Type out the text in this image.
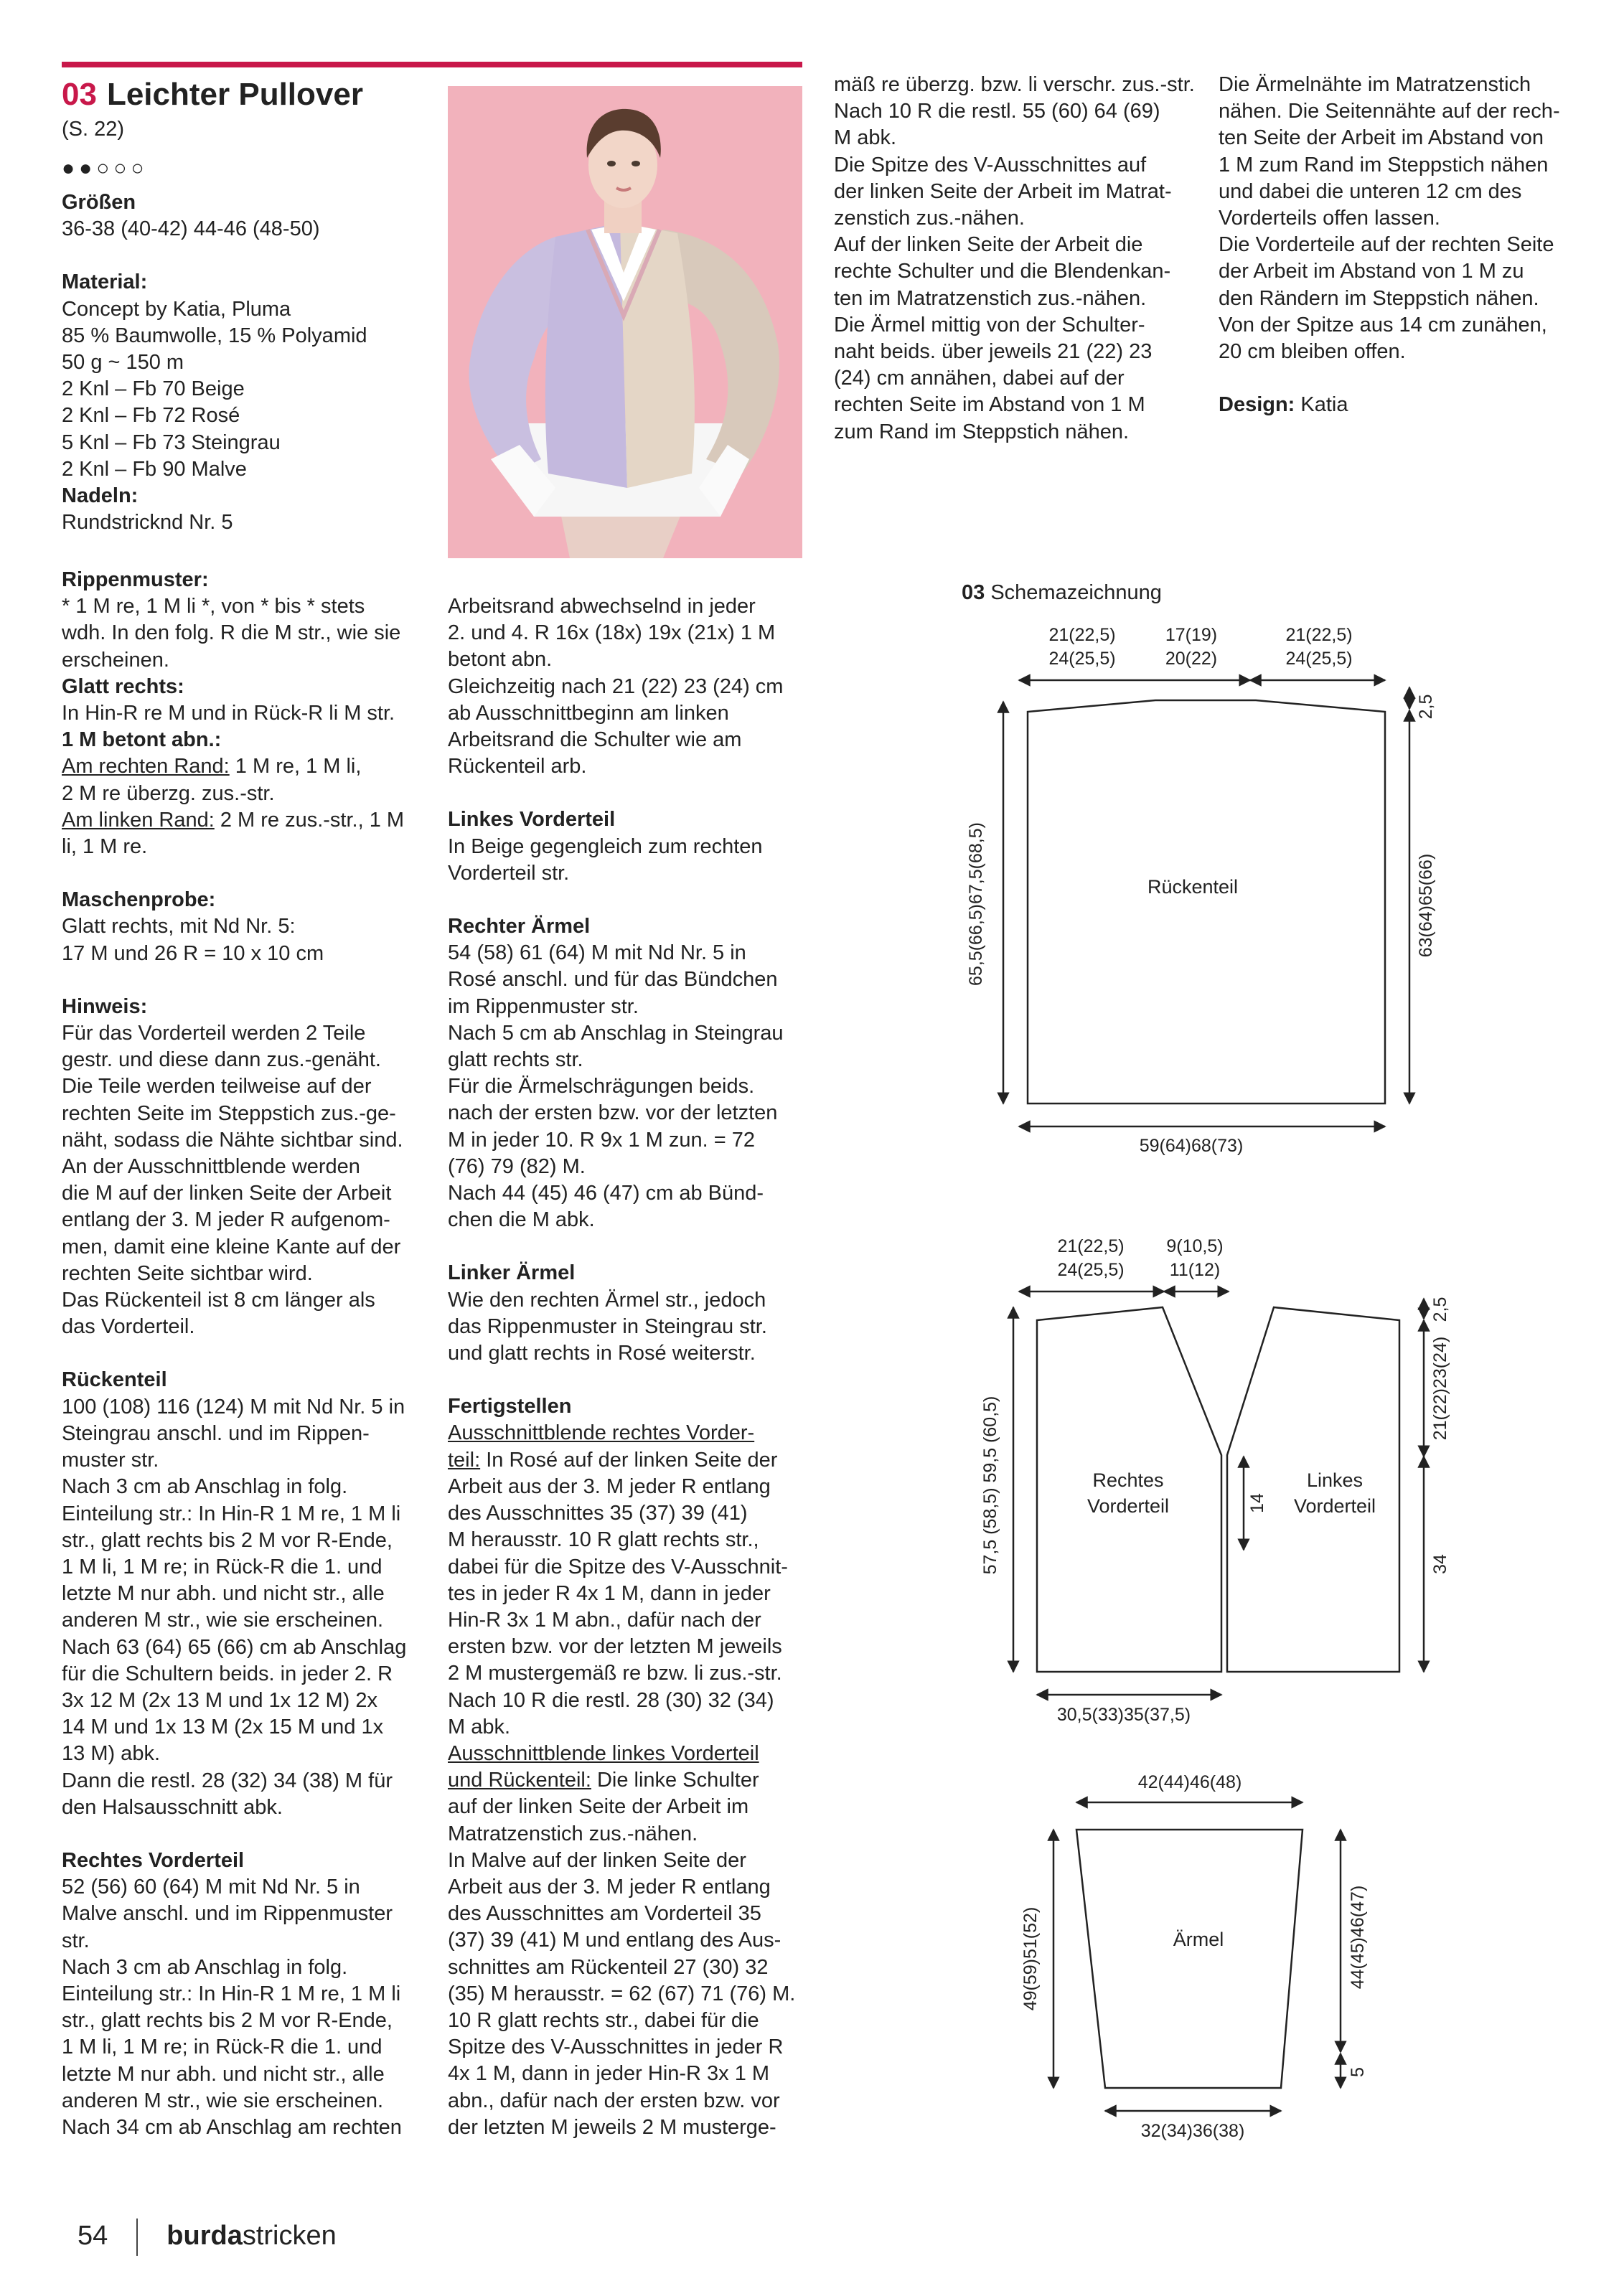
03 Leichter Pullover

(S. 22)

●●○○○

Größen

36-38 (40-42) 44-46 (48-50)

Material:

Concept by Katia, Pluma

85 % Baumwolle, 15 % Polyamid

50 g ~ 150 m

2 Knl – Fb 70 Beige

2 Knl – Fb 72 Rosé

5 Knl – Fb 73 Steingrau

2 Knl – Fb 90 Malve

Nadeln:

Rundstricknd Nr. 5

Rippenmuster:

* 1 M re, 1 M li *, von * bis * stets

wdh. In den folg. R die M str., wie sie

erscheinen.

Glatt rechts:

In Hin-R re M und in Rück-R li M str.

1 M betont abn.:

Am rechten Rand: 1 M re, 1 M li,

2 M re überzg. zus.-str.

Am linken Rand: 2 M re zus.-str., 1 M

li, 1 M re.

Maschenprobe:

Glatt rechts, mit Nd Nr. 5:

17 M und 26 R = 10 x 10 cm

Hinweis:

Für das Vorderteil werden 2 Teile

gestr. und diese dann zus.-genäht.

Die Teile werden teilweise auf der

rechten Seite im Steppstich zus.-ge-

näht, sodass die Nähte sichtbar sind.

An der Ausschnittblende werden

die M auf der linken Seite der Arbeit

entlang der 3. M jeder R aufgenom-

men, damit eine kleine Kante auf der

rechten Seite sichtbar wird.

Das Rückenteil ist 8 cm länger als

das Vorderteil.

Rückenteil

100 (108) 116 (124) M mit Nd Nr. 5 in

Steingrau anschl. und im Rippen-

muster str.

Nach 3 cm ab Anschlag in folg.

Einteilung str.: In Hin-R 1 M re, 1 M li

str., glatt rechts bis 2 M vor R-Ende,

1 M li, 1 M re; in Rück-R die 1. und

letzte M nur abh. und nicht str., alle

anderen M str., wie sie erscheinen.

Nach 63 (64) 65 (66) cm ab Anschlag

für die Schultern beids. in jeder 2. R

3x 12 M (2x 13 M und 1x 12 M) 2x

14 M und 1x 13 M (2x 15 M und 1x

13 M) abk.

Dann die restl. 28 (32) 34 (38) M für

den Halsausschnitt abk.

Rechtes Vorderteil

52 (56) 60 (64) M mit Nd Nr. 5 in

Malve anschl. und im Rippenmuster

str.

Nach 3 cm ab Anschlag in folg.

Einteilung str.: In Hin-R 1 M re, 1 M li

str., glatt rechts bis 2 M vor R-Ende,

1 M li, 1 M re; in Rück-R die 1. und

letzte M nur abh. und nicht str., alle

anderen M str., wie sie erscheinen.

Nach 34 cm ab Anschlag am rechten

Arbeitsrand abwechselnd in jeder

2. und 4. R 16x (18x) 19x (21x) 1 M

betont abn.

Gleichzeitig nach 21 (22) 23 (24) cm

ab Ausschnittbeginn am linken

Arbeitsrand die Schulter wie am

Rückenteil arb.

Linkes Vorderteil

In Beige gegengleich zum rechten

Vorderteil str.

Rechter Ärmel

54 (58) 61 (64) M mit Nd Nr. 5 in

Rosé anschl. und für das Bündchen

im Rippenmuster str.

Nach 5 cm ab Anschlag in Steingrau

glatt rechts str.

Für die Ärmelschrägungen beids.

nach der ersten bzw. vor der letzten

M in jeder 10. R 9x 1 M zun. = 72

(76) 79 (82) M.

Nach 44 (45) 46 (47) cm ab Bünd-

chen die M abk.

Linker Ärmel

Wie den rechten Ärmel str., jedoch

das Rippenmuster in Steingrau str.

und glatt rechts in Rosé weiterstr.

Fertigstellen

Ausschnittblende rechtes Vorder-

teil: In Rosé auf der linken Seite der

Arbeit aus der 3. M jeder R entlang

des Ausschnittes 35 (37) 39 (41)

M herausstr. 10 R glatt rechts str.,

dabei für die Spitze des V-Ausschnit-

tes in jeder R 4x 1 M, dann in jeder

Hin-R 3x 1 M abn., dafür nach der

ersten bzw. vor der letzten M jeweils

2 M mustergemäß re bzw. li zus.-str.

Nach 10 R die restl. 28 (30) 32 (34)

M abk.

Ausschnittblende linkes Vorderteil

und Rückenteil: Die linke Schulter

auf der linken Seite der Arbeit im

Matratzenstich zus.-nähen.

In Malve auf der linken Seite der

Arbeit aus der 3. M jeder R entlang

des Ausschnittes am Vorderteil 35

(37) 39 (41) M und entlang des Aus-

schnittes am Rückenteil 27 (30) 32

(35) M herausstr. = 62 (67) 71 (76) M.

10 R glatt rechts str., dabei für die

Spitze des V-Ausschnittes in jeder R

4x 1 M, dann in jeder Hin-R 3x 1 M

abn., dafür nach der ersten bzw. vor

der letzten M jeweils 2 M musterge-

mäß re überzg. bzw. li verschr. zus.-str.

Nach 10 R die restl. 55 (60) 64 (69)

M abk.

Die Spitze des V-Ausschnittes auf

der linken Seite der Arbeit im Matrat-

zenstich zus.-nähen.

Auf der linken Seite der Arbeit die

rechte Schulter und die Blendenkan-

ten im Matratzenstich zus.-nähen.

Die Ärmel mittig von der Schulter-

naht beids. über jeweils 21 (22) 23

(24) cm annähen, dabei auf der

rechten Seite im Abstand von 1 M

zum Rand im Steppstich nähen.

Die Ärmelnähte im Matratzenstich

nähen. Die Seitennähte auf der rech-

ten Seite der Arbeit im Abstand von

1 M zum Rand im Steppstich nähen

und dabei die unteren 12 cm des

Vorderteils offen lassen.

Die Vorderteile auf der rechten Seite

der Arbeit im Abstand von 1 M zu

den Rändern im Steppstich nähen.

Von der Spitze aus 14 cm zunähen,

20 cm bleiben offen.

Design: Katia

03 Schemazeichnung
Rückenteil
21(22,5)
24(25,5)
17(19)
20(22)
21(22,5)
24(25,5)
59(64)68(73)
65,5(66,5)67,5(68,5)	63(64)65(66)
2,5
Rechtes
Vorderteil
Linkes
Vorderteil
21(22,5)
24(25,5)
9(10,5)
11(12)
30,5(33)35(37,5)
57,5 (58,5) 59,5 (60,5)	14
21(22)23(24)
34
2,5
Ärmel
42(44)46(48)
32(34)36(38)
49(59)51(52)	44(45)46(47)
5
54 burdastricken
